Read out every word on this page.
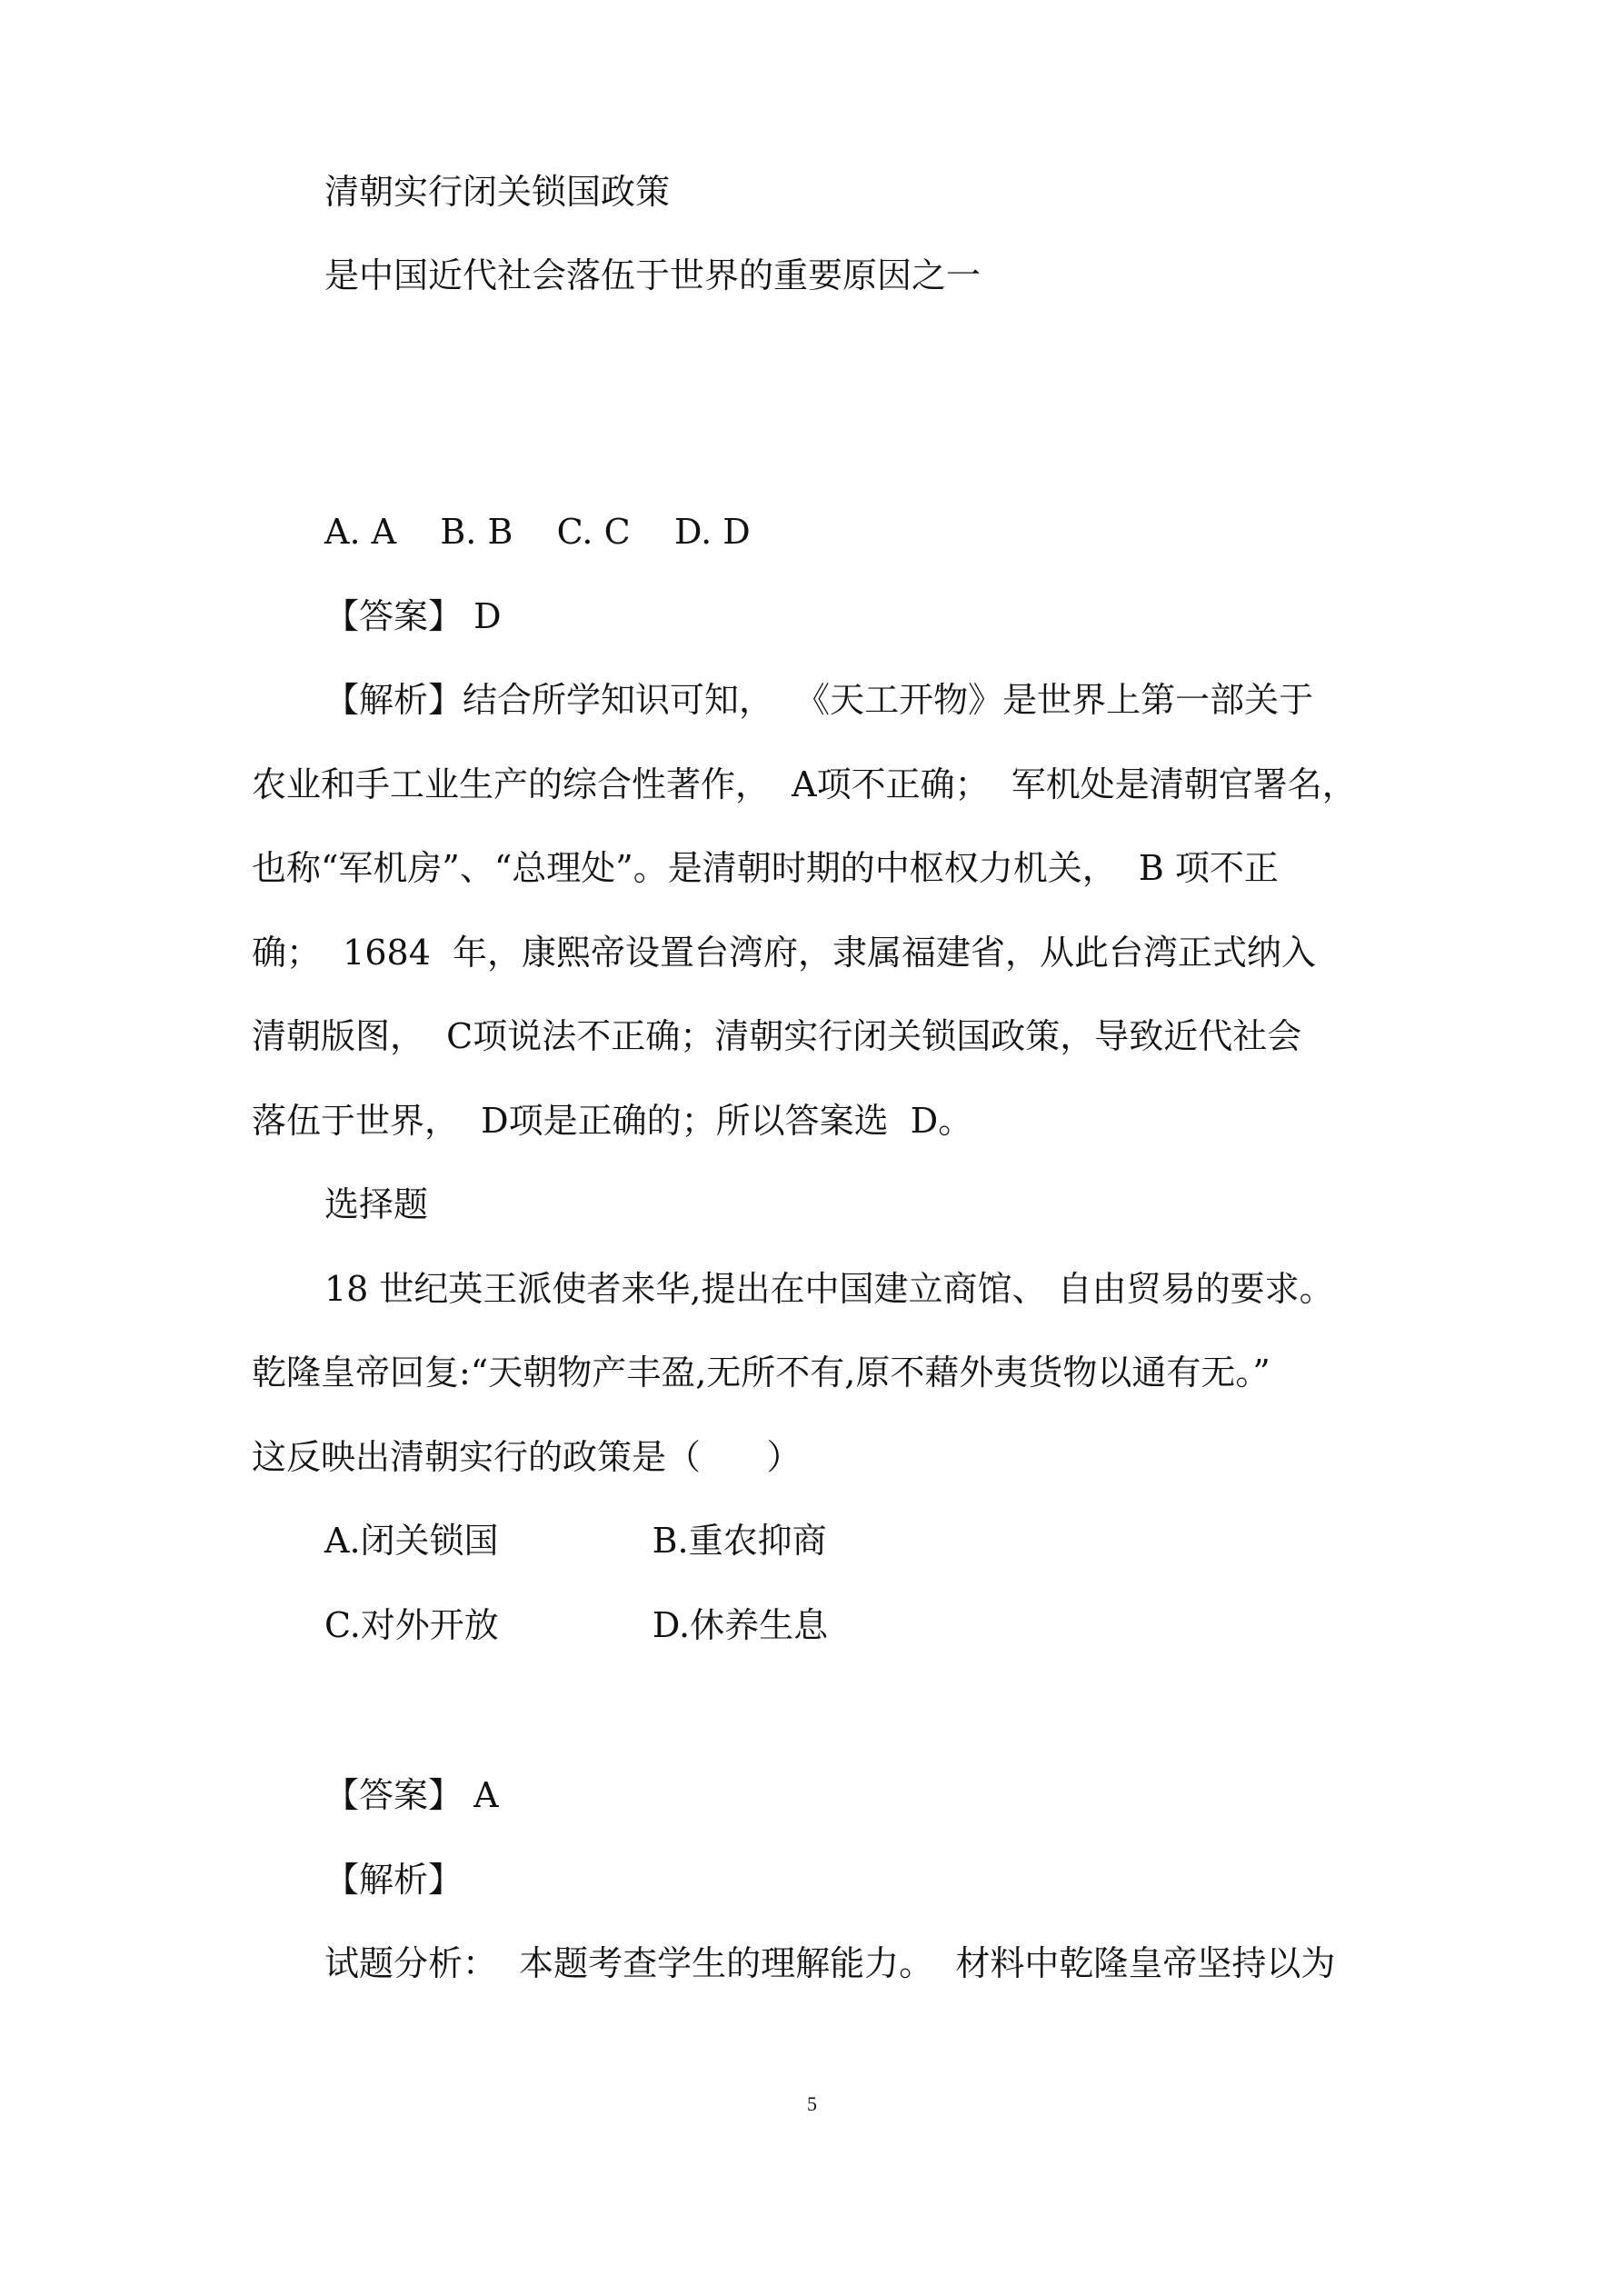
清朝实行闭关锁国政策
是中国近代社会落伍于世界的重要原因之一
A. A    B. B    C. C    D. D
【答案】 D
【解析】结合所学知识可知，  《天工开物》是世界上第一部关于
农业和手工业生产的综合性著作，  A项不正确；  军机处是清朝官署名，
也称“军机房”、“总理处”。是清朝时期的中枢权力机关，  B 项不正
确；  1684  年，康熙帝设置台湾府，隶属福建省，从此台湾正式纳入
清朝版图，  C项说法不正确；清朝实行闭关锁国政策，导致近代社会
落伍于世界，  D项是正确的；所以答案选  D。
选择题
18 世纪英王派使者来华,提出在中国建立商馆、 自由贸易的要求。
乾隆皇帝回复:“天朝物产丰盈,无所不有,原不藉外夷货物以通有无。”
这反映出清朝实行的政策是（      ）
A.闭关锁国              B.重农抑商
C.对外开放              D.休养生息
【答案】 A
【解析】
试题分析：  本题考查学生的理解能力。  材料中乾隆皇帝坚持以为
5
